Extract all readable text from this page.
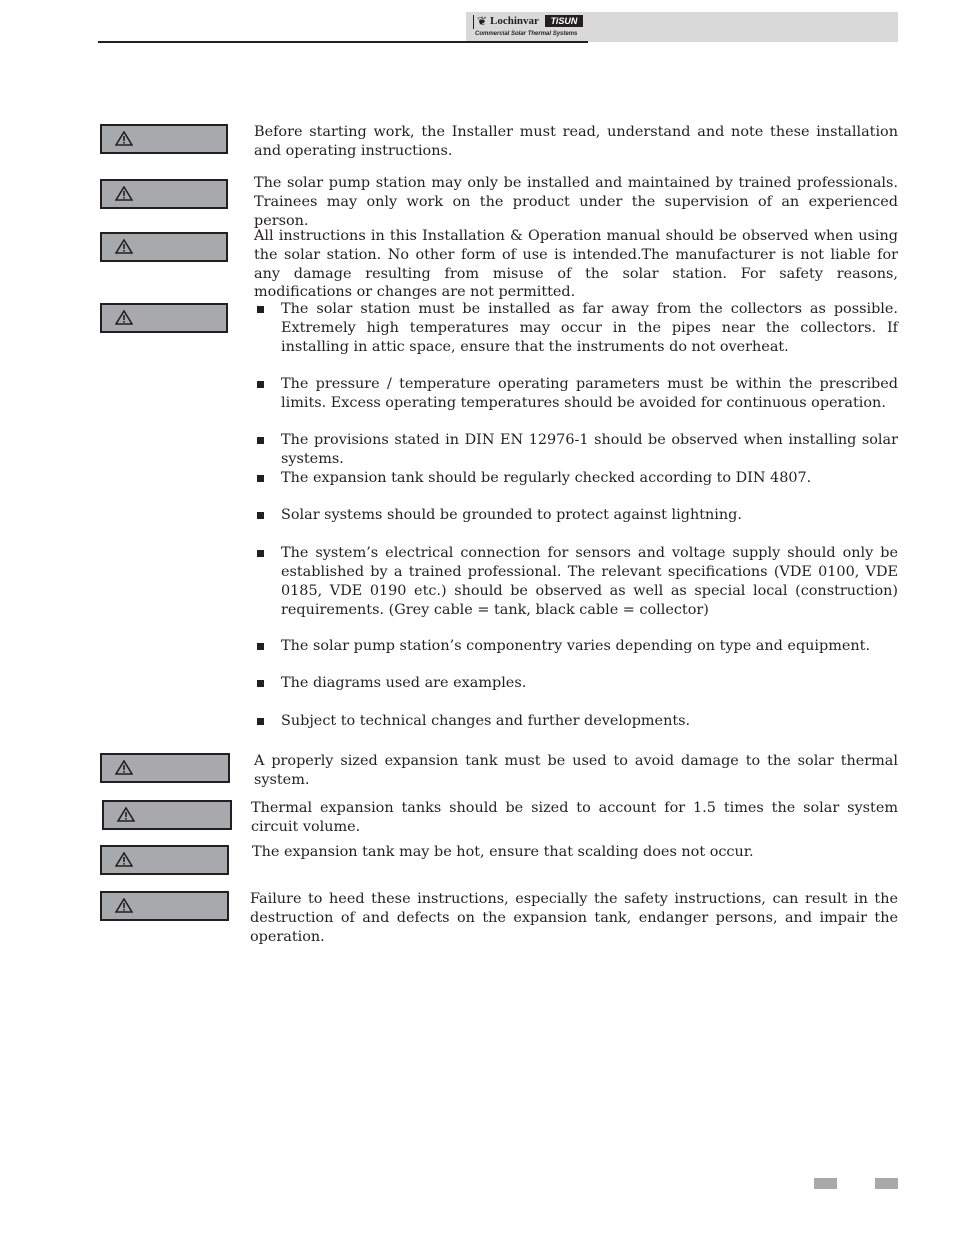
❦ Lochinvar	TiSUN
Commercial Solar Thermal Systems

Before starting work, the Installer must read, understand and note these installation and operating instructions.

The solar pump station may only be installed and maintained by trained professionals. Trainees may only work on the product under the supervision of an experienced person.

All instructions in this Installation & Operation manual should be observed when using the solar station. No other form of use is intended.The manufacturer is not liable for any damage resulting from misuse of the solar station. For safety reasons, modifications or changes are not permitted.

The solar station must be installed as far away from the collectors as possible. Extremely high temperatures may occur in the pipes near the collectors. If installing in attic space, ensure that the instruments do not overheat.
The pressure / temperature operating parameters must be within the prescribed limits. Excess operating temperatures should be avoided for continuous operation.
The provisions stated in DIN EN 12976-1 should be observed when installing solar systems.
The expansion tank should be regularly checked according to DIN 4807.
Solar systems should be grounded to protect against lightning.
The system’s electrical connection for sensors and voltage supply should only be established by a trained professional. The relevant specifications (VDE 0100, VDE 0185, VDE 0190 etc.) should be observed as well as special local (construction) requirements. (Grey cable = tank, black cable = collector)
The solar pump station’s componentry varies depending on type and equipment.
The diagrams used are examples.
Subject to technical changes and further developments.

A properly sized expansion tank must be used to avoid damage to the solar thermal system.

Thermal expansion tanks should be sized to account for 1.5 times the solar system circuit volume.

The expansion tank may be hot, ensure that scalding does not occur.

Failure to heed these instructions, especially the safety instructions, can result in the destruction of and defects on the expansion tank, endanger persons, and impair the operation.
